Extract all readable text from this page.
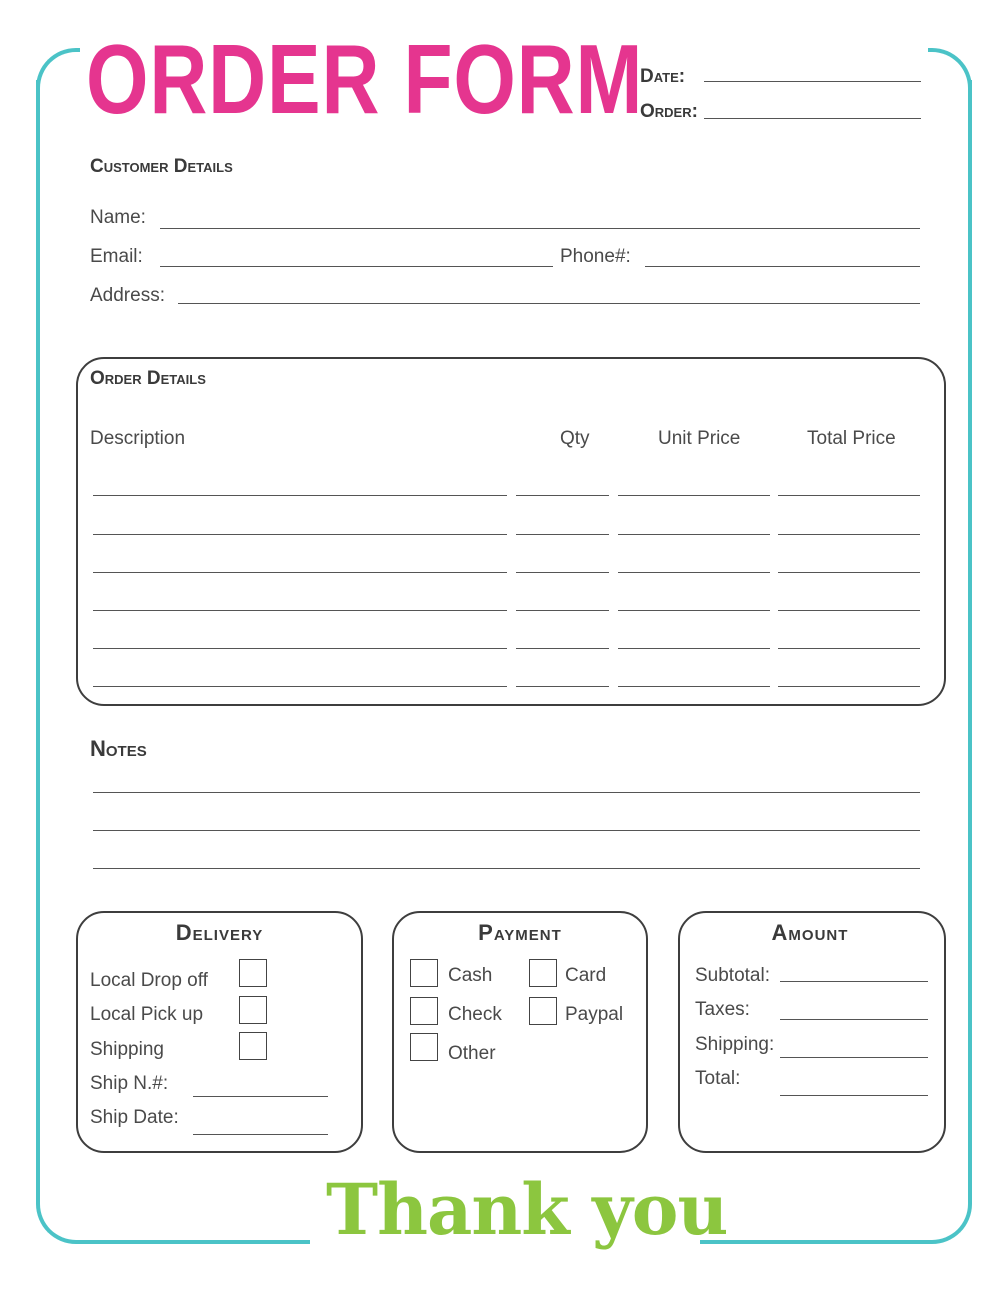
ORDER FORM
Date:
Order:
Customer Details
Name:
Email:	Phone#:
Address:
Order Details
Description	Qty	Unit Price	Total Price
Notes
Delivery
Local Drop off
Local Pick up
Shipping
Ship N.#:
Ship Date:
Payment
Cash	Card
Check	Paypal
Other
Amount
Subtotal:
Taxes:
Shipping:
Total:
Thank you
